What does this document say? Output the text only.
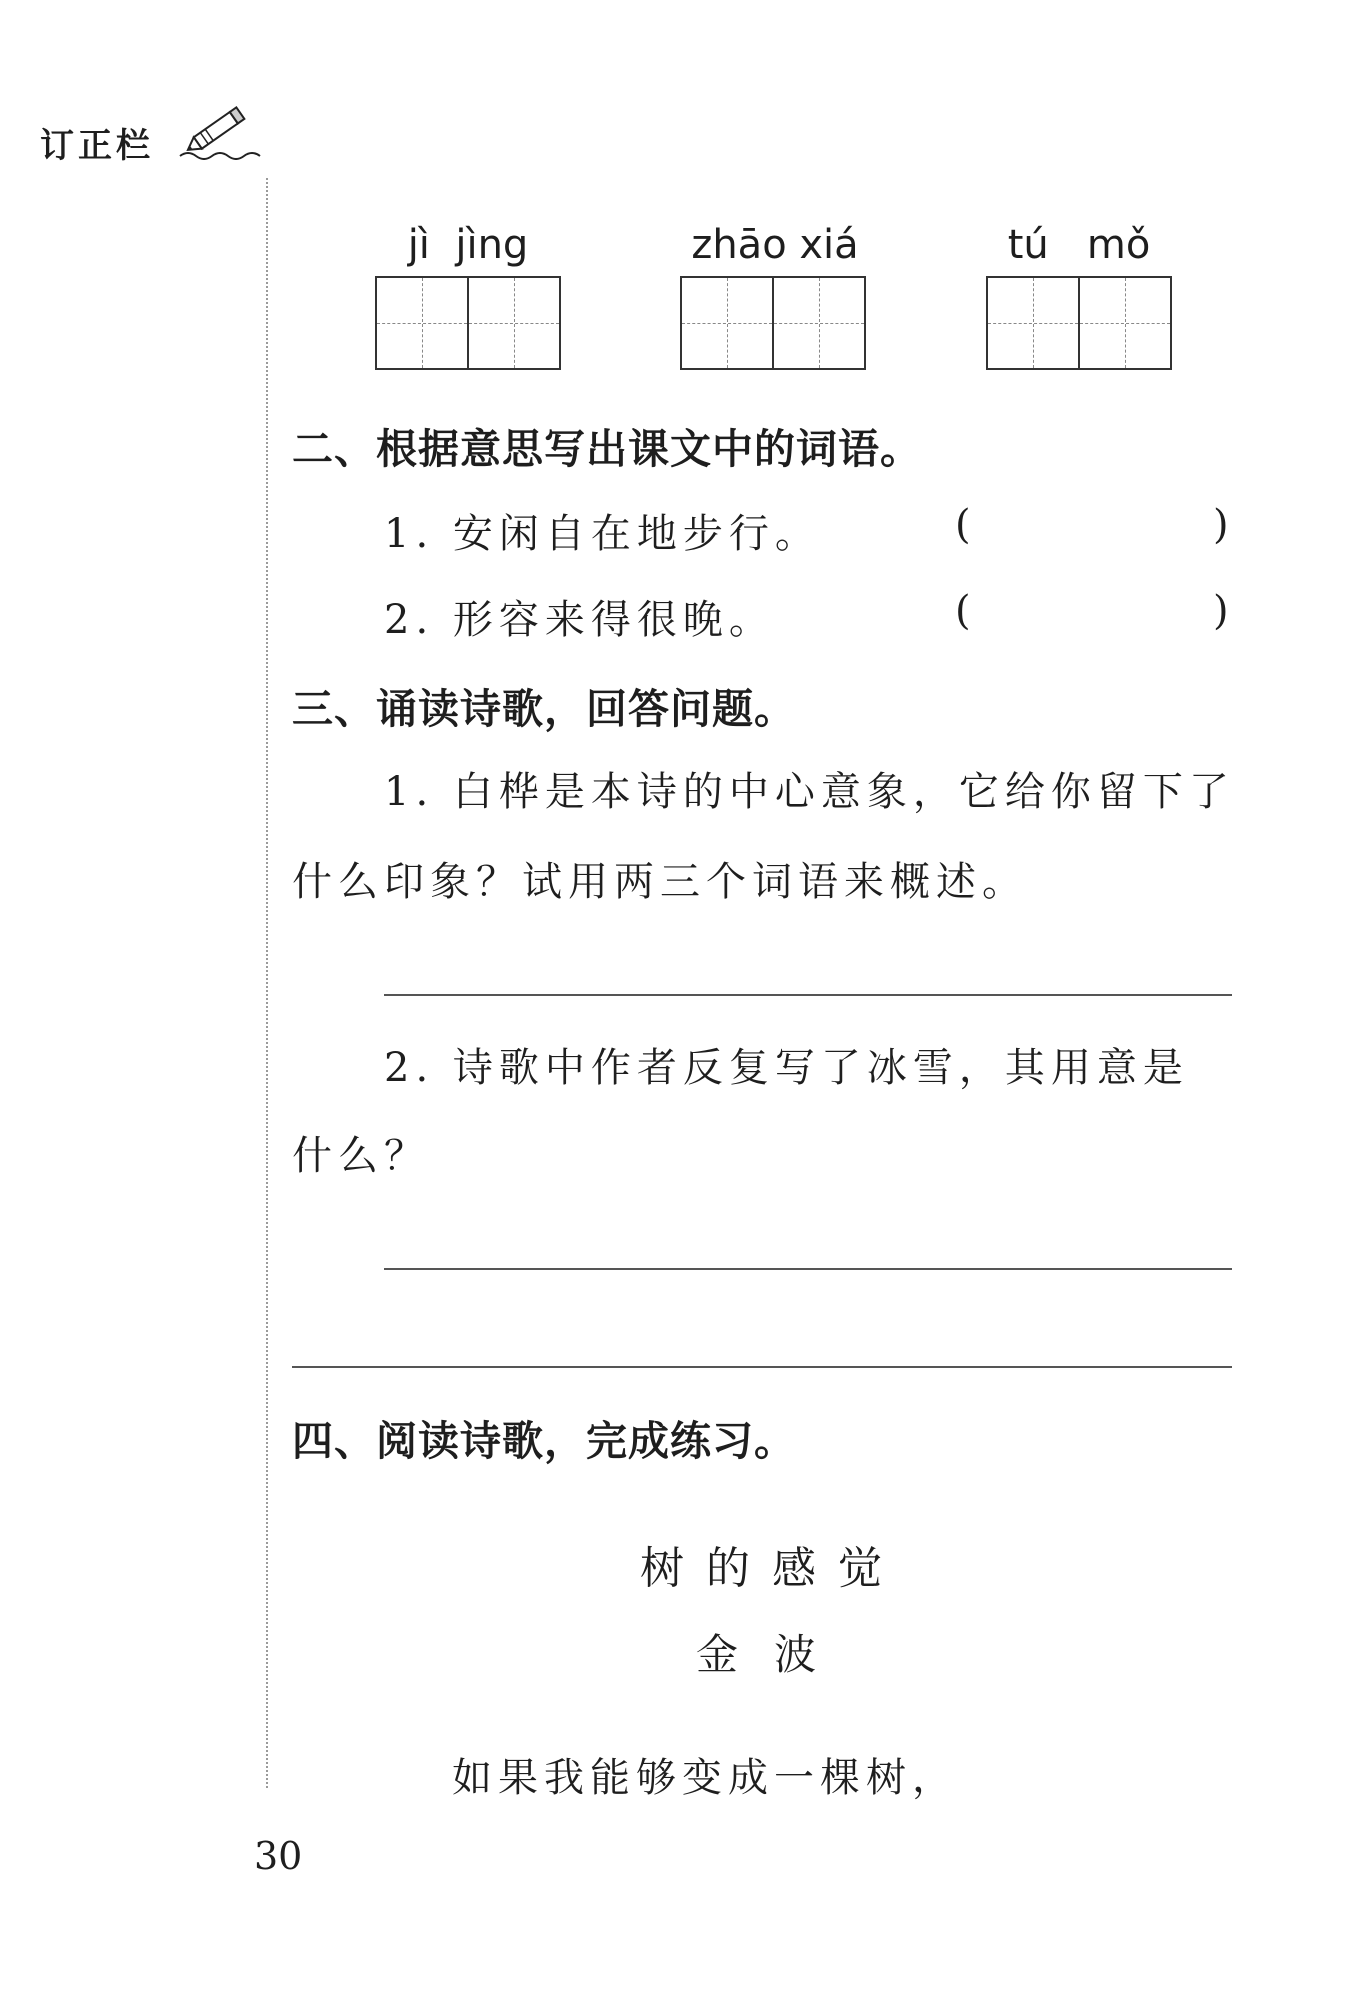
订正栏
jì  jìng	zhāo xiá	tú   mǒ
二、根据意思写出课文中的词语。
1. 安闲自在地步行。	(	)
2. 形容来得很晚。	(	)
三、诵读诗歌，回答问题。
1. 白桦是本诗的中心意象，它给你留下了
什么印象？试用两三个词语来概述。
2. 诗歌中作者反复写了冰雪，其用意是
什么？
四、阅读诗歌，完成练习。
树的感觉
金波
如果我能够变成一棵树，
30
